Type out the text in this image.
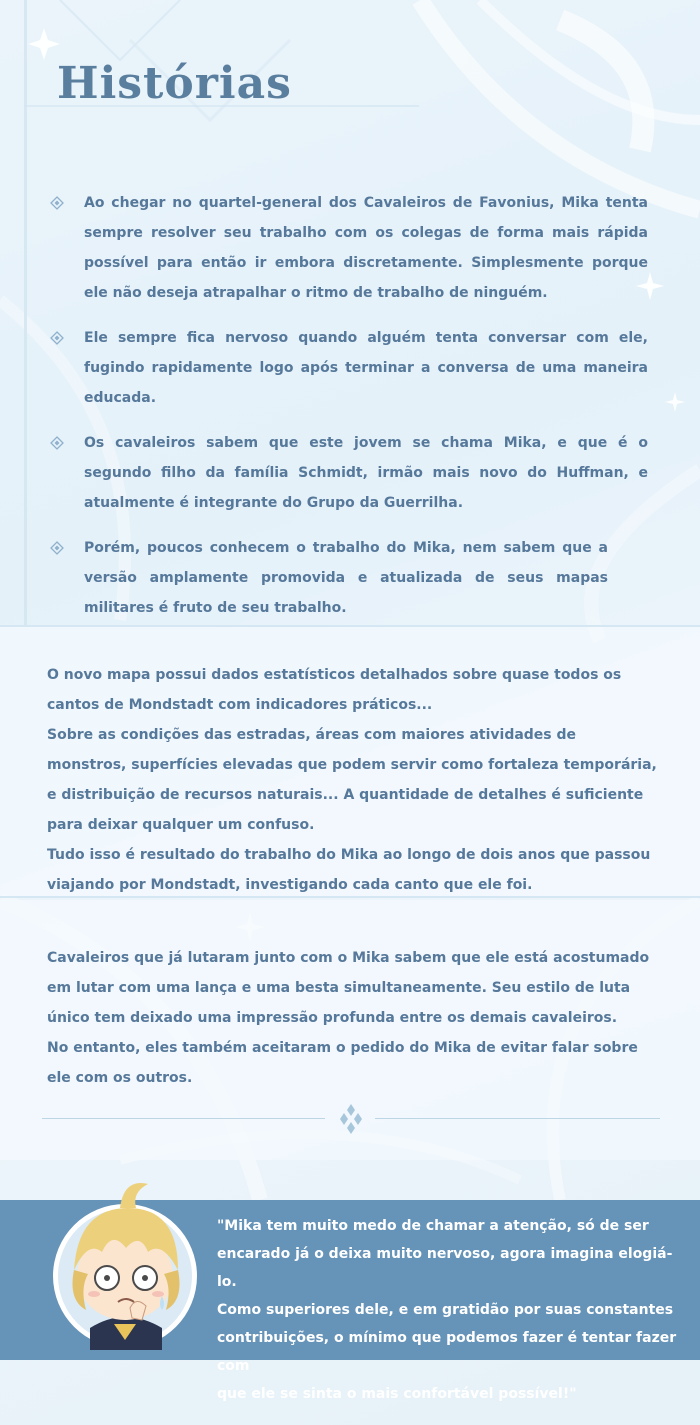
Histórias

Ao chegar no quartel-general dos Cavaleiros de Favonius, Mika tenta sempre resolver seu trabalho com os colegas de forma mais rápida possível para então ir embora discretamente. Simplesmente porque ele não deseja atrapalhar o ritmo de trabalho de ninguém.

Ele sempre fica nervoso quando alguém tenta conversar com ele, fugindo rapidamente logo após terminar a conversa de uma maneira educada.

Os cavaleiros sabem que este jovem se chama Mika, e que é o segundo filho da família Schmidt, irmão mais novo do Huffman, e atualmente é integrante do Grupo da Guerrilha.

Porém, poucos conhecem o trabalho do Mika, nem sabem que a versão amplamente promovida e atualizada de seus mapas militares é fruto de seu trabalho.

O novo mapa possui dados estatísticos detalhados sobre quase todos os cantos de Mondstadt com indicadores práticos...
Sobre as condições das estradas, áreas com maiores atividades de monstros, superfícies elevadas que podem servir como fortaleza temporária, e distribuição de recursos naturais... A quantidade de detalhes é suficiente para deixar qualquer um confuso.
Tudo isso é resultado do trabalho do Mika ao longo de dois anos que passou viajando por Mondstadt, investigando cada canto que ele foi.
Cavaleiros que já lutaram junto com o Mika sabem que ele está acostumado em lutar com uma lança e uma besta simultaneamente. Seu estilo de luta único tem deixado uma impressão profunda entre os demais cavaleiros.
No entanto, eles também aceitaram o pedido do Mika de evitar falar sobre ele com os outros.
"Mika tem muito medo de chamar a atenção, só de ser
encarado já o deixa muito nervoso, agora imagina elogiá-lo.
Como superiores dele, e em gratidão por suas constantes
contribuições, o mínimo que podemos fazer é tentar fazer com
que ele se sinta o mais confortável possível!"
